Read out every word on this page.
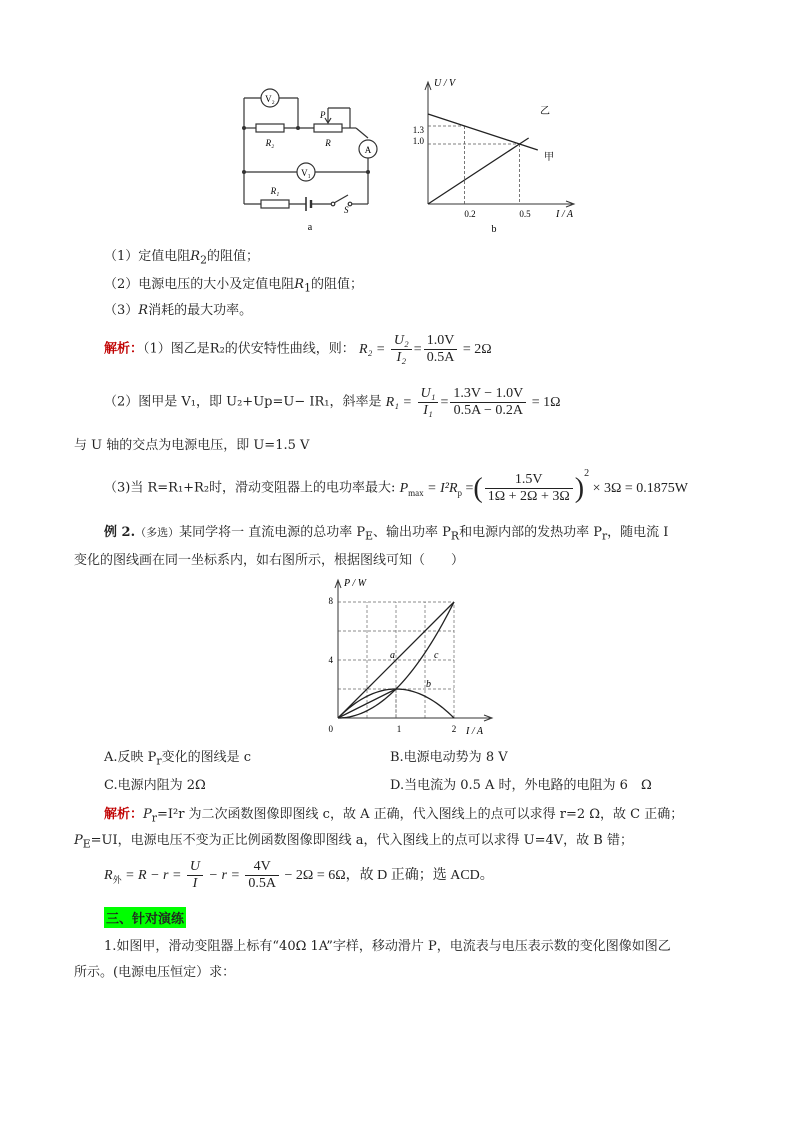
V₂
R₂
P
R
A
V₁
R₁
S
a
U / V
I / A
1.3
1.0
0.2	0.5
乙
甲
b
（1）定值电阻$R_2$的阻值；
（2）电源电压的大小及定值电阻$R_1$的阻值；
（3）R消耗的最大功率。
解析：（1）图乙是R₂的伏安特性曲线，则： $R_2 = \frac{\text{U₂}}{\text{I₂}} = \frac{1.0V}{0.5A} = 2\Omega$
（2）图甲是 V₁，即 U₂+Up=U− IR₁，斜率是 $R_1 = \frac{\text{U₁}}{\text{I₁}} = \frac{1.3V - 1.0V}{0.5A - 0.2A} = 1\Omega$
与 U 轴的交点为电源电压，即 U=1.5 V
（3)当 R=R₁+R₂时，滑动变阻器上的电功率最大: $P_{max} = I^2R_p$ =( $\frac{1.5V}{1\Omega + 2\Omega + 3\Omega} )^2 \times 3\Omega = 0.1875W$
例 2.（多选）某同学将一 直流电源的总功率 $P_E$、输出功率 $P_R$和电源内部的发热功率 $P_r$，随电流 I
变化的图线画在同一坐标系内，如右图所示，根据图线可知（　　）
P / W
I / A
8
4
0	1	2
a
b
c
A.反映 $P_r$变化的图线是 c	B.电源电动势为 8 V
C.电源内阻为 2Ω	D.当电流为 0.5 A 时，外电路的电阻为 6　Ω
解析：$P_r=I^2r$ 为二次函数图像即图线 c，故 A 正确，代入图线上的点可以求得 r=2 Ω，故 C 正确；
$P_E=UI$，电源电压不变为正比例函数图像即图线 a，代入图线上的点可以求得 U=4V，故 B 错；
$R_外 = R - r = \frac{U}{I} - r = \frac{4V}{0.5A} - 2\Omega = 6\Omega$，故 D 正确；选 ACD。
三、针对演练
1.如图甲，滑动变阻器上标有“40Ω 1A”字样，移动滑片 P，电流表与电压表示数的变化图像如图乙
所示。(电源电压恒定）求：
